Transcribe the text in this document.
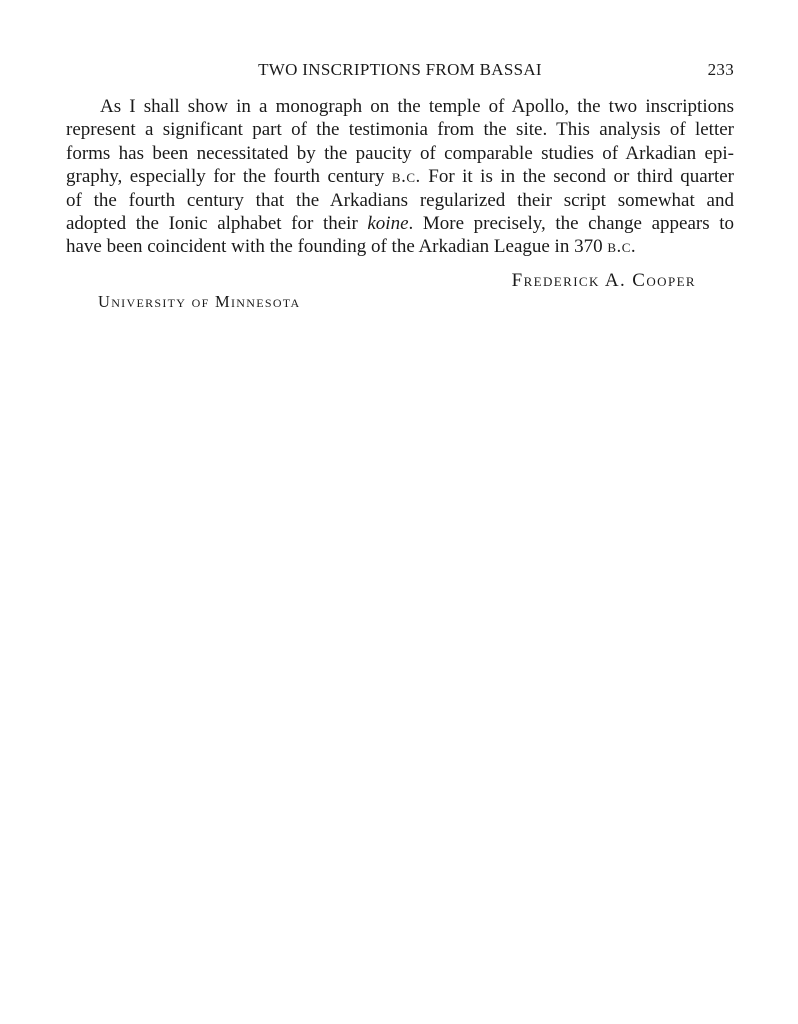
TWO INSCRIPTIONS FROM BASSAI	233

As I shall show in a monograph on the temple of Apollo, the two inscriptions
represent a significant part of the testimonia from the site. This analysis of letter
forms has been necessitated by the paucity of comparable studies of Arkadian epi-
graphy, especially for the fourth century b.c. For it is in the second or third quarter
of the fourth century that the Arkadians regularized their script somewhat and
adopted the Ionic alphabet for their koine. More precisely, the change appears to
have been coincident with the founding of the Arkadian League in 370 b.c.

Frederick A. Cooper
University of Minnesota
